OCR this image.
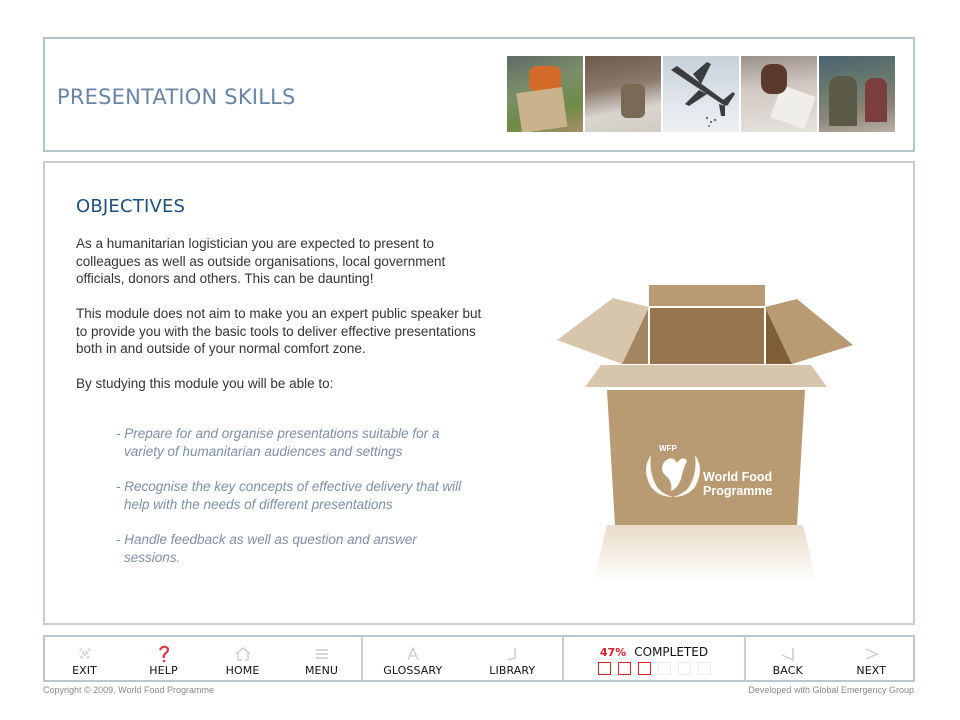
PRESENTATION SKILLS
OBJECTIVES
As a humanitarian logistician you are expected to present to colleagues as well as outside organisations, local government officials, donors and others. This can be daunting!
This module does not aim to make you an expert public speaker but to provide you with the basic tools to deliver effective presentations both in and outside of your normal comfort zone.
By studying this module you will be able to:
- Prepare for and organise presentations suitable for a variety of humanitarian audiences and settings
- Recognise the key concepts of effective delivery that will help with the needs of different presentations
- Handle feedback as well as question and answer sessions.
WFP
World Food
Programme
EXIT	HELP	HOME	MENU	GLOSSARY	LIBRARY
47% COMPLETED
BACK	NEXT
Copyright © 2009, World Food Programme	Developed with Global Emergency Group
